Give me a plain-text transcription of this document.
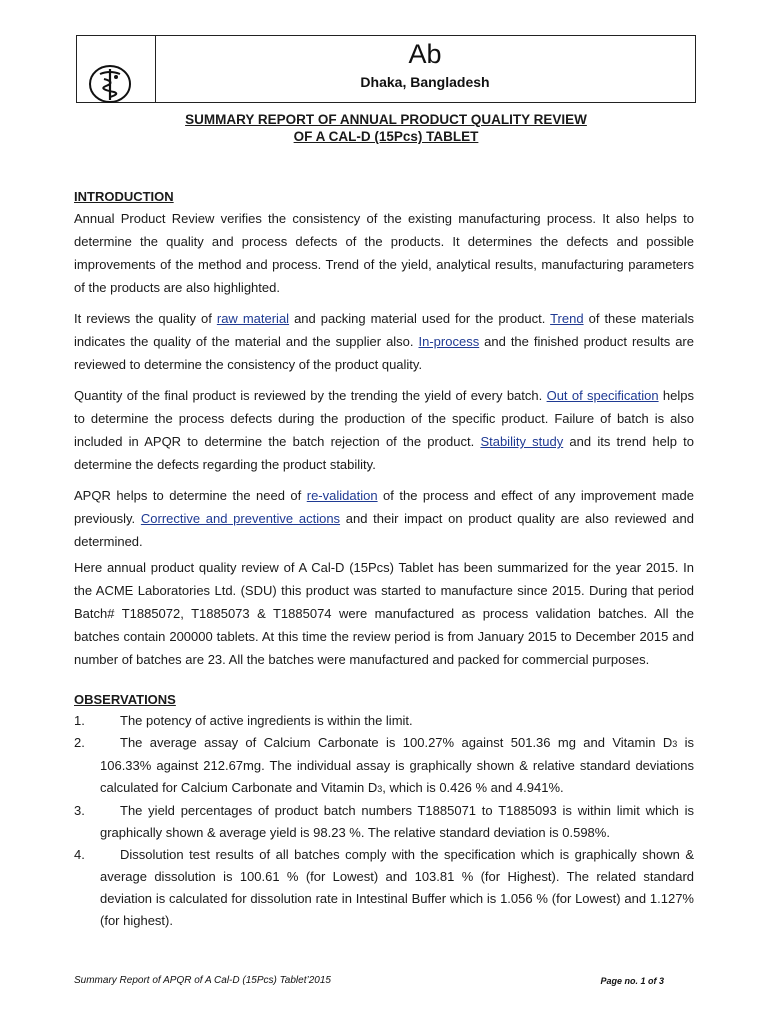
Ab
Dhaka, Bangladesh
SUMMARY REPORT OF ANNUAL PRODUCT QUALITY REVIEW
OF A CAL-D (15Pcs) TABLET
INTRODUCTION

Annual Product Review verifies the consistency of the existing manufacturing process. It also helps to determine the quality and process defects of the products. It determines the defects and possible improvements of the method and process. Trend of the yield, analytical results, manufacturing parameters of the products are also highlighted.

It reviews the quality of raw material and packing material used for the product. Trend of these materials indicates the quality of the material and the supplier also. In-process and the finished product results are reviewed to determine the consistency of the product quality.

Quantity of the final product is reviewed by the trending the yield of every batch. Out of specification helps to determine the process defects during the production of the specific product. Failure of batch is also included in APQR to determine the batch rejection of the product. Stability study and its trend help to determine the defects regarding the product stability.

APQR helps to determine the need of re-validation of the process and effect of any improvement made previously. Corrective and preventive actions and their impact on product quality are also reviewed and determined.

Here annual product quality review of A Cal-D (15Pcs) Tablet has been summarized for the year 2015. In the ACME Laboratories Ltd. (SDU) this product was started to manufacture since 2015. During that period Batch# T1885072, T1885073 & T1885074 were manufactured as process validation batches. All the batches contain 200000 tablets. At this time the review period is from January 2015 to December 2015 and number of batches are 23. All the batches were manufactured and packed for commercial purposes.

OBSERVATIONS
1.	The potency of active ingredients is within the limit.
2.	The average assay of Calcium Carbonate is 100.27% against 501.36 mg and Vitamin D3 is 106.33% against 212.67mg. The individual assay is graphically shown & relative standard deviations calculated for Calcium Carbonate and Vitamin D3, which is 0.426 % and 4.941%.
3.	The yield percentages of product batch numbers T1885071 to T1885093 is within limit which is graphically shown & average yield is 98.23 %. The relative standard deviation is 0.598%.
4.	Dissolution test results of all batches comply with the specification which is graphically shown & average dissolution is 100.61 % (for Lowest) and 103.81 % (for Highest). The related standard deviation is calculated for dissolution rate in Intestinal Buffer which is 1.056 % (for Lowest) and 1.127% (for highest).
Summary Report of APQR of A Cal-D (15Pcs) Tablet’2015	Page no. 1 of 3
